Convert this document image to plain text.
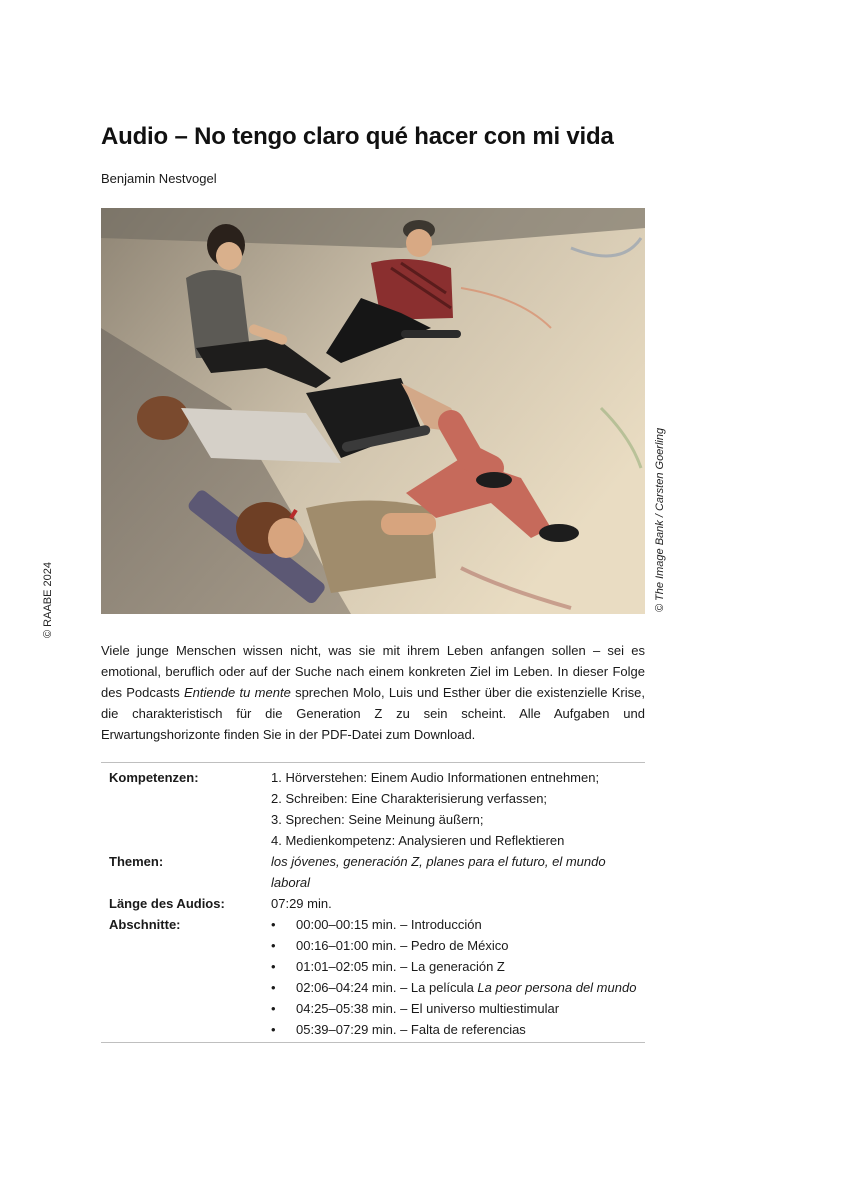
© RAABE 2024
Audio – No tengo claro qué hacer con mi vida
Benjamin Nestvogel
© The Image Bank / Carsten Goerling

Viele junge Menschen wissen nicht, was sie mit ihrem Leben anfangen sollen – sei es emotional, beruflich oder auf der Suche nach einem konkreten Ziel im Leben. In dieser Folge des Podcasts Entiende tu mente sprechen Molo, Luis und Esther über die existenzielle Krise, die charakteristisch für die Generation Z zu sein scheint. Alle Aufgaben und Erwartungshorizonte finden Sie in der PDF-Datei zum Download.

Kompetenzen:	1. Hörverstehen: Einem Audio Informationen entnehmen;
2. Schreiben: Eine Charakterisierung verfassen;
3. Sprechen: Seine Meinung äußern;
4. Medienkompetenz: Analysieren und Reflektieren
Themen:	los jóvenes, generación Z, planes para el futuro, el mundo laboral
Länge des Audios:	07:29 min.
Abschnitte:	• 00:00–00:15 min. – Introducción
• 00:16–01:00 min. – Pedro de México
• 01:01–02:05 min. – La generación Z
• 02:06–04:24 min. – La película La peor persona del mundo
• 04:25–05:38 min. – El universo multiestimular
• 05:39–07:29 min. – Falta de referencias
